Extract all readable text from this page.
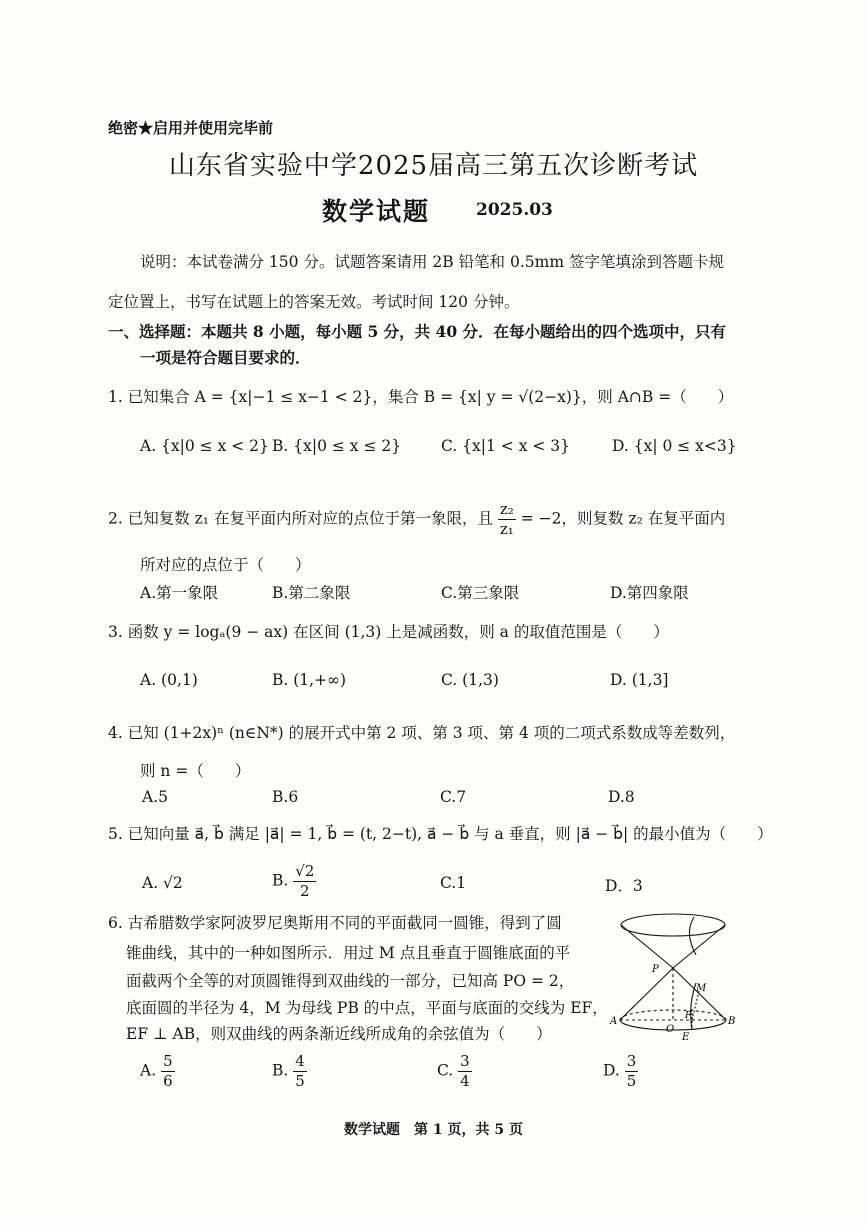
绝密★启用并使用完毕前
山东省实验中学2025届高三第五次诊断考试
数学试题	2025.03
说明：本试卷满分 150 分。试题答案请用 2B 铅笔和 0.5mm 签字笔填涂到答题卡规
定位置上，书写在试题上的答案无效。考试时间 120 分钟。
一、选择题：本题共 8 小题，每小题 5 分，共 40 分．在每小题给出的四个选项中，只有
一项是符合题目要求的．
1. 已知集合 A = {x|−1 ≤ x−1 < 2}，集合 B = {x| y = √(2−x)}，则 A∩B =（　　）
A. {x|0 ≤ x < 2} B. {x|0 ≤ x ≤ 2}	C. {x|1 < x < 3}	D. {x| 0 ≤ x<3}
2. 已知复数 z₁ 在复平面内所对应的点位于第一象限，且 $\frac{\text{z₂}}{\text{z₁}} = -2$，则复数 z₂ 在复平面内
所对应的点位于（　　）
A.第一象限	B.第二象限	C.第三象限	D.第四象限
3. 函数 y = logₐ(9 − ax) 在区间 (1,3) 上是减函数，则 a 的取值范围是（　　）
A. (0,1)	B. (1,+∞)	C. (1,3)	D. (1,3]
4. 已知 (1+2x)ⁿ (n∈N*) 的展开式中第 2 项、第 3 项、第 4 项的二项式系数成等差数列，
则 n =（　　）
A.5	B.6	C.7	D.8
5. 已知向量 a⃗, b⃗ 满足 |a⃗| = 1, b⃗ = (t, 2−t), a⃗ − b⃗ 与 a 垂直，则 |a⃗ − b⃗| 的最小值为（　　）
A. √2	B. $\frac{√2}{2}$	C.1	D．3
6. 古希腊数学家阿波罗尼奥斯用不同的平面截同一圆锥，得到了圆
锥曲线，其中的一种如图所示．用过 M 点且垂直于圆锥底面的平
面截两个全等的对顶圆锥得到双曲线的一部分，已知高 PO = 2，
底面圆的半径为 4，M 为母线 PB 的中点，平面与底面的交线为 EF，
EF ⊥ AB，则双曲线的两条渐近线所成角的余弦值为（　　）
A. $\frac{5}{6}$	B. $\frac{4}{5}$	C. $\frac{3}{4}$	D. $\frac{3}{5}$
P
M
A
O
F	B
E
数学试题　第 1 页，共 5 页
